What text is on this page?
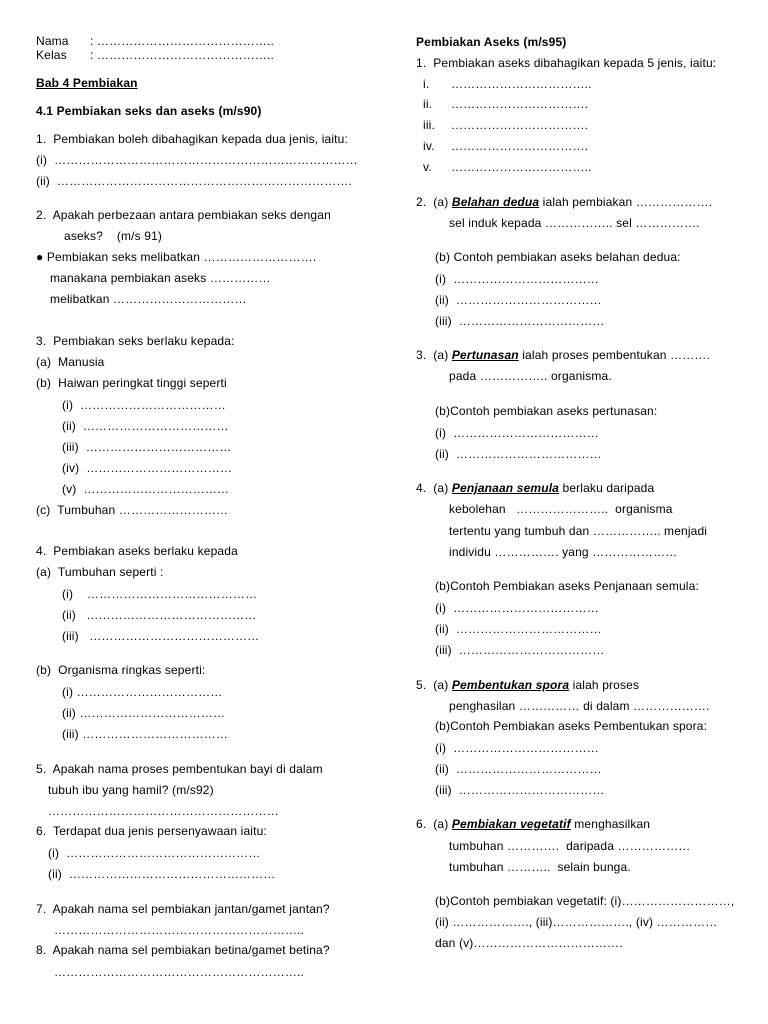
Nama : ……………………………………..
Kelas : ……………………………………..
Bab 4 Pembiakan
4.1 Pembiakan seks dan aseks (m/s90)
1.  Pembiakan boleh dibahagikan kepada dua jenis, iaitu:
(i)  …………………………………………………………………
(ii)  ……………………………………………………………….
2.  Apakah perbezaan antara pembiakan seks dengan
aseks?    (m/s 91)
● Pembiakan seks melibatkan ……………………….
manakana pembiakan aseks ……………
melibatkan ……………………………
3.  Pembiakan seks berlaku kepada:
(a)  Manusia
(b)  Haiwan peringkat tinggi seperti
(i)  ………………………………
(ii)  ………………………………
(iii)  ………………………………
(iv)  ………………………………
(v)  ………………………………
(c)  Tumbuhan ………………………
4.  Pembiakan aseks berlaku kepada
(a)  Tumbuhan seperti :
(i)    ……………………………………
(ii)   ……………………………………
(iii)   ……………………………………
(b)  Organisma ringkas seperti:
(i) ………………………………
(ii) ………………………………
(iii) ………………………………
5.  Apakah nama proses pembentukan bayi di dalam
tubuh ibu yang hamil? (m/s92)
…………………………………………………
6.  Terdapat dua jenis persenyawaan iaitu:
(i)  …………………………………………
(ii)  ……………………………………………
7.  Apakah nama sel pembiakan jantan/gamet jantan?
……………………………………………………..
8.  Apakah nama sel pembiakan betina/gamet betina?
……………………………………………………..
Pembiakan Aseks (m/s95)
1.  Pembiakan aseks dibahagikan kepada 5 jenis, iaitu:
i. ……………………………..
ii. …………………………….
iii. …………………………….
iv. …………………………….
v. ……………………………..
2.  (a) Belahan dedua ialah pembiakan ……………….
sel induk kepada …………….. sel …………….
(b) Contoh pembiakan aseks belahan dedua:
(i)  ………………………………
(ii)  ………………………………
(iii)  ………………………………
3.  (a) Pertunasan ialah proses pembentukan ……….
pada …………….. organisma.
(b)Contoh pembiakan aseks pertunasan:
(i)  ………………………………
(ii)  ………………………………
4.  (a) Penjanaan semula berlaku daripada
kebolehan   …………………..  organisma
tertentu yang tumbuh dan …………….. menjadi
individu ……………. yang …………………
(b)Contoh Pembiakan aseks Penjanaan semula:
(i)  ………………………………
(ii)  ………………………………
(iii)  ………………………………
5.  (a) Pembentukan spora ialah proses
penghasilan …………… di dalam ……………….
(b)Contoh Pembiakan aseks Pembentukan spora:
(i)  ………………………………
(ii)  ………………………………
(iii)  ………………………………
6.  (a) Pembiakan vegetatif menghasilkan
tumbuhan ………….  daripada ………………
tumbuhan ………..  selain bunga.
(b)Contoh pembiakan vegetatif: (i)………………………,
(ii) ………………., (iii)………………., (iv) ……………
dan (v)……………………………….
